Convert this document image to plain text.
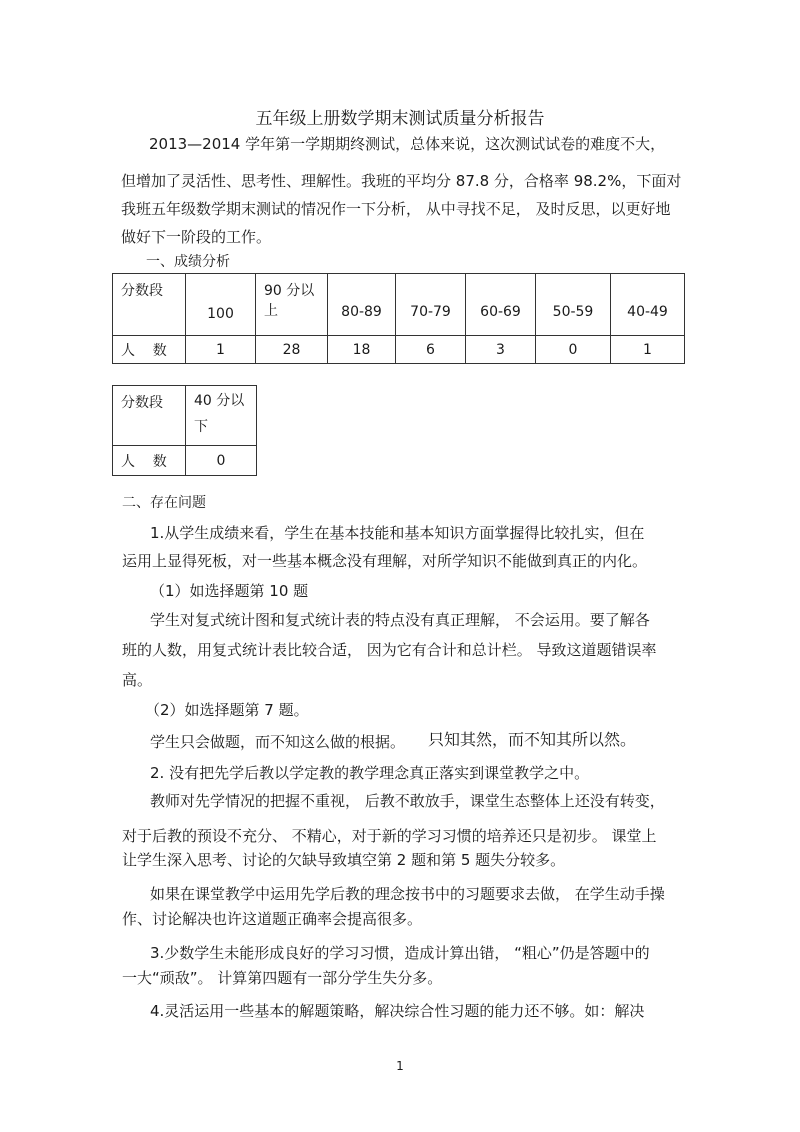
五年级上册数学期末测试质量分析报告
2013—2014 学年第一学期期终测试，总体来说，这次测试试卷的难度不大，
但增加了灵活性、思考性、理解性。我班的平均分 87.8 分，合格率 98.2%，下面对
我班五年级数学期末测试的情况作一下分析， 从中寻找不足， 及时反思，以更好地
做好下一阶段的工作。
一、成绩分析
分数段	100	90 分以上	80-89	70-79	60-69	50-59	40-49
人    数	1	28	18	6	3	0	1
分数段	40 分以
下

人    数	0
二、存在问题
1.从学生成绩来看，学生在基本技能和基本知识方面掌握得比较扎实，但在
运用上显得死板，对一些基本概念没有理解，对所学知识不能做到真正的内化。
（1）如选择题第 10 题
学生对复式统计图和复式统计表的特点没有真正理解， 不会运用。要了解各
班的人数，用复式统计表比较合适， 因为它有合计和总计栏。 导致这道题错误率
高。
（2）如选择题第 7 题。
学生只会做题，而不知这么做的根据。 只知其然，而不知其所以然。
2. 没有把先学后教以学定教的教学理念真正落实到课堂教学之中。
教师对先学情况的把握不重视， 后教不敢放手，课堂生态整体上还没有转变，
对于后教的预设不充分、 不精心，对于新的学习习惯的培养还只是初步。 课堂上
让学生深入思考、讨论的欠缺导致填空第 2 题和第 5 题失分较多。
如果在课堂教学中运用先学后教的理念按书中的习题要求去做， 在学生动手操
作、讨论解决也许这道题正确率会提高很多。
3.少数学生未能形成良好的学习习惯，造成计算出错， “粗心”仍是答题中的
一大“顽敌”。 计算第四题有一部分学生失分多。
4.灵活运用一些基本的解题策略，解决综合性习题的能力还不够。如：解决
1
